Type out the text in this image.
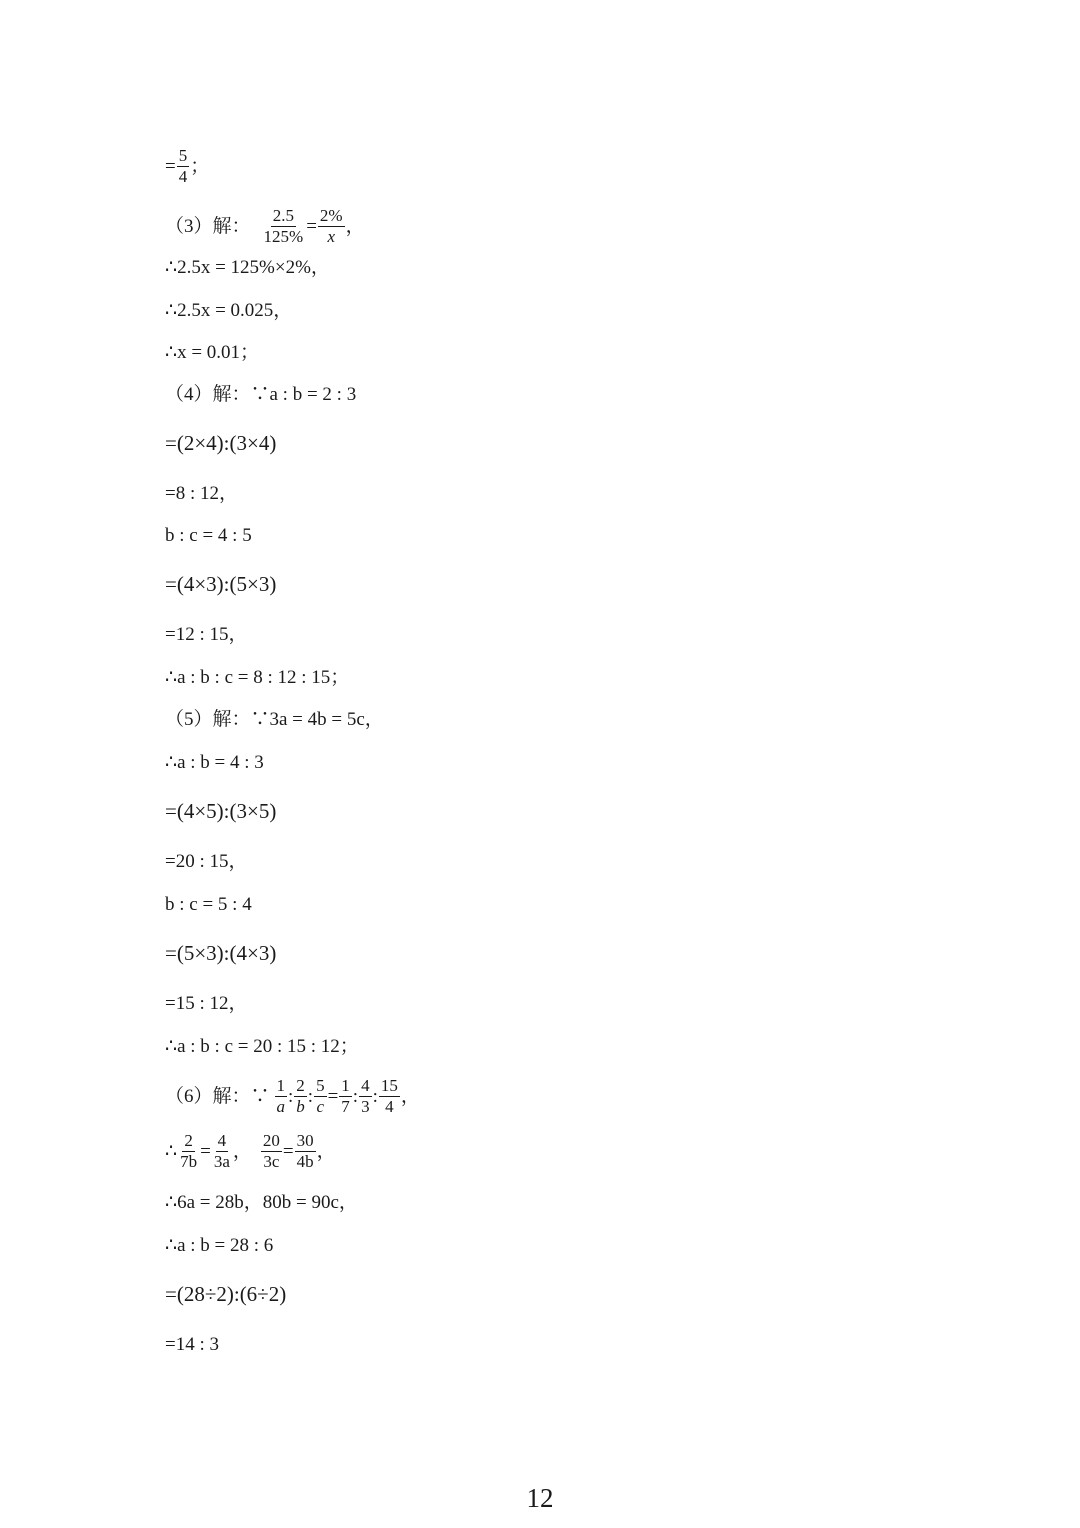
= $\frac{5}{4}$ ；
（3）解： $\frac{2.5}{125\%} = \frac{2\%}{x}$ ，
∴2.5x = 125%×2%，
∴2.5x = 0.025，
∴x = 0.01；
（4）解：∵a : b = 2 : 3
=(2×4):(3×4)
=8 : 12，
b : c = 4 : 5
=(4×3):(5×3)
=12 : 15，
∴a : b : c = 8 : 12 : 15；
（5）解：∵3a = 4b = 5c，
∴a : b = 4 : 3
=(4×5):(3×5)
=20 : 15，
b : c = 5 : 4
=(5×3):(4×3)
=15 : 12，
∴a : b : c = 20 : 15 : 12；
（6）解：∵ $\frac{1}{a}$ : $\frac{2}{b}$ : $\frac{5}{c} = \frac{1}{7}$ : $\frac{4}{3}$ : $\frac{15}{4}$ ，
∴ $\frac{2}{7b} = \frac{4}{3a}$ ， $\frac{20}{3c} = \frac{30}{4b}$ ，
∴6a = 28b，80b = 90c，
∴a : b = 28 : 6
=(28÷2):(6÷2)
=14 : 3
12
